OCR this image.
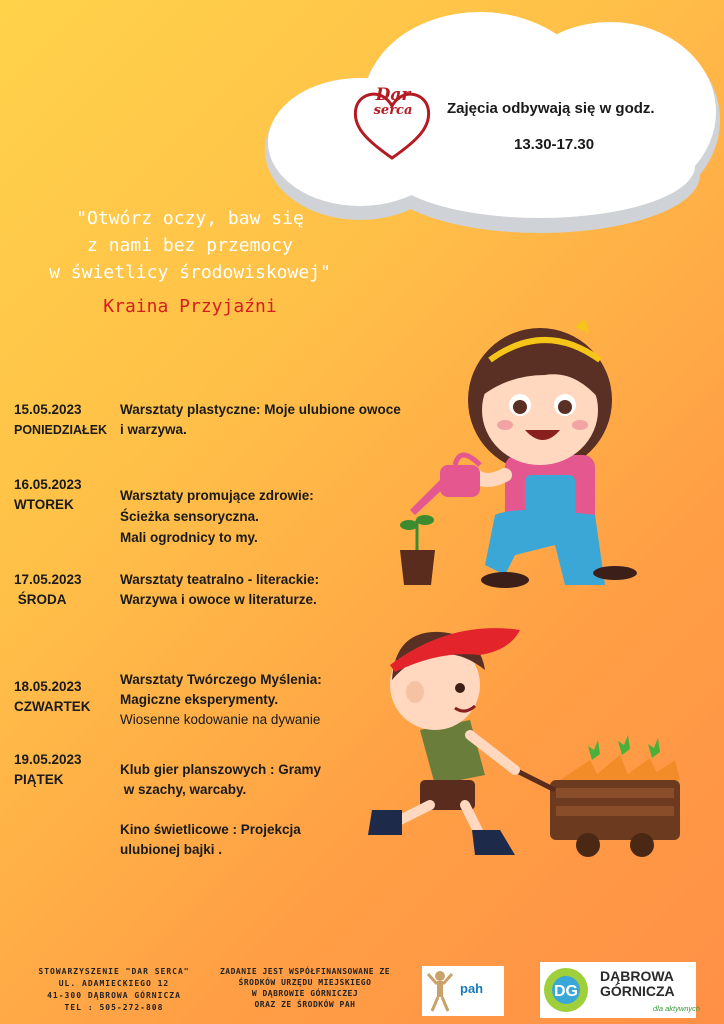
Dar
serca	Zajęcia odbywają się w godz.
13.30-17.30
"Otwórz oczy, baw się
z nami bez przemocy
w świetlicy środowiskowej"
Kraina Przyjaźni
15.05.2023
PONIEDZIAŁEK
Warsztaty plastyczne: Moje ulubione owoce
i warzywa.
16.05.2023
WTOREK
Warsztaty promujące zdrowie:
Ścieżka sensoryczna.
Mali ogrodnicy to my.
17.05.2023
ŚRODA
Warsztaty teatralno - literackie:
Warzywa i owoce w literaturze.
18.05.2023
CZWARTEK
Warsztaty Twórczego Myślenia:
Magiczne eksperymenty.
Wiosenne kodowanie na dywanie
19.05.2023
PIĄTEK
Klub gier planszowych : Gramy
w szachy, warcaby.
Kino świetlicowe : Projekcja
ulubionej bajki .
STOWARZYSZENIE "DAR SERCA"
UL. ADAMIECKIEGO 12
41-300 DĄBROWA GÓRNICZA
TEL : 505-272-808
ZADANIE JEST WSPÓŁFINANSOWANE ZE
ŚRODKÓW URZĘDU MIEJSKIEGO
W DĄBROWIE GÓRNICZEJ
ORAZ ZE ŚRODKÓW PAH
pah	DG
DĄBROWA
GÓRNICZA
dla aktywnych
